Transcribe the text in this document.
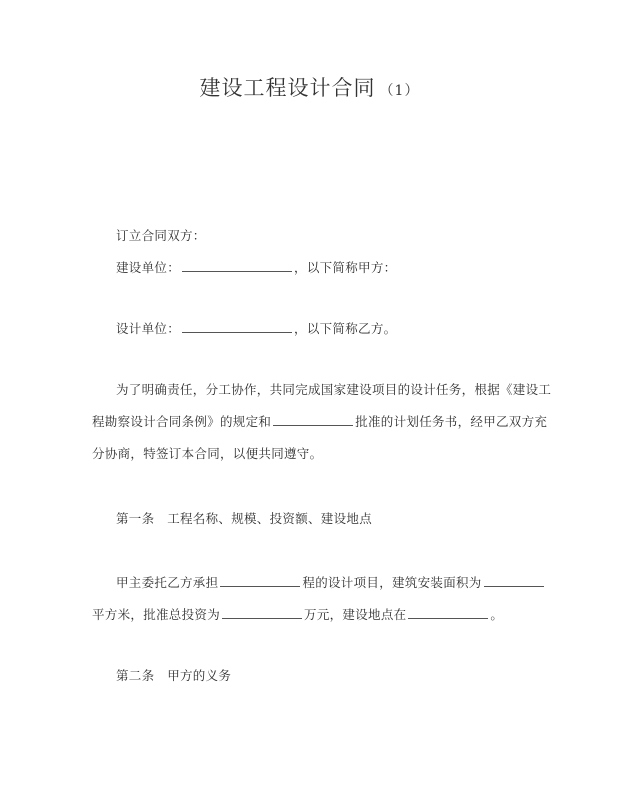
建设工程设计合同 （1）
订立合同双方：
建设单位：	，以下简称甲方：
设计单位：	，以下简称乙方。
为了明确责任，分工协作，共同完成国家建设项目的设计任务，根据《建设工
程勘察设计合同条例》的规定和	批准的计划任务书，经甲乙双方充
分协商，特签订本合同，以便共同遵守。
第一条　工程名称、规模、投资额、建设地点
甲主委托乙方承担	程的设计项目，建筑安装面积为
平方米，批准总投资为	万元，建设地点在	。
第二条　甲方的义务
